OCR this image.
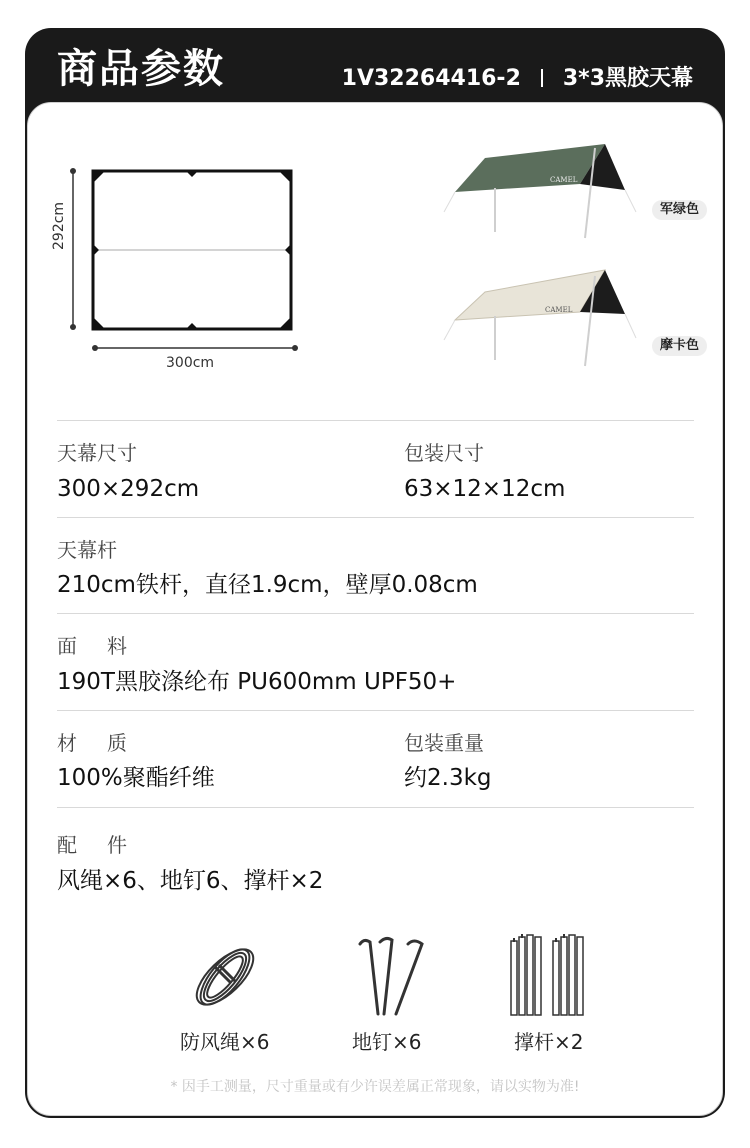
商品参数	1V32264416-2 3*3黑胶天幕
292cm
300cm
CAMEL
军绿色
CAMEL
摩卡色
天幕尺寸
300×292cm
包装尺寸
63×12×12cm
天幕杆
210cm铁杆，直径1.9cm，壁厚0.08cm
面料
190T黑胶涤纶布 PU600mm UPF50+
材质
100%聚酯纤维
包装重量
约2.3kg
配件
风绳×6、地钉6、撑杆×2
防风绳×6	地钉×6	撑杆×2
* 因手工测量，尺寸重量或有少许误差属正常现象，请以实物为准!
